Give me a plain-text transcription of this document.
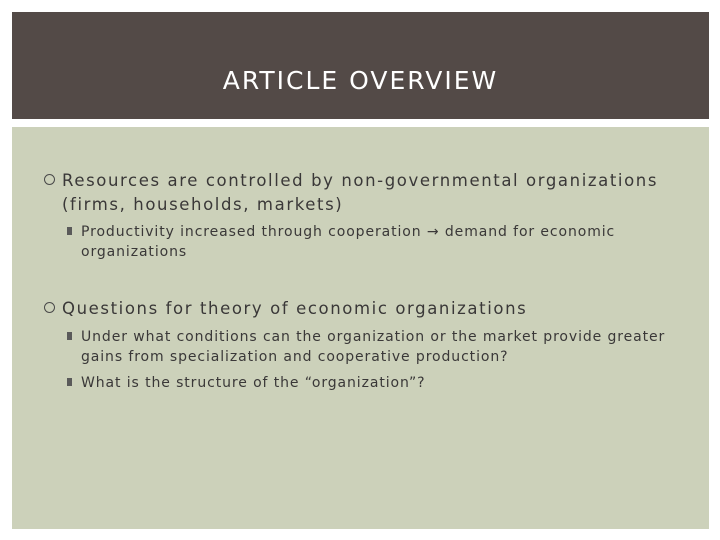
ARTICLE OVERVIEW
Resources are controlled by non-governmental organizations (firms, households, markets)
Productivity increased through cooperation → demand for economic organizations
Questions for theory of economic organizations
Under what conditions can the organization or the market provide greater gains from specialization and cooperative production?
What is the structure of the “organization”?
